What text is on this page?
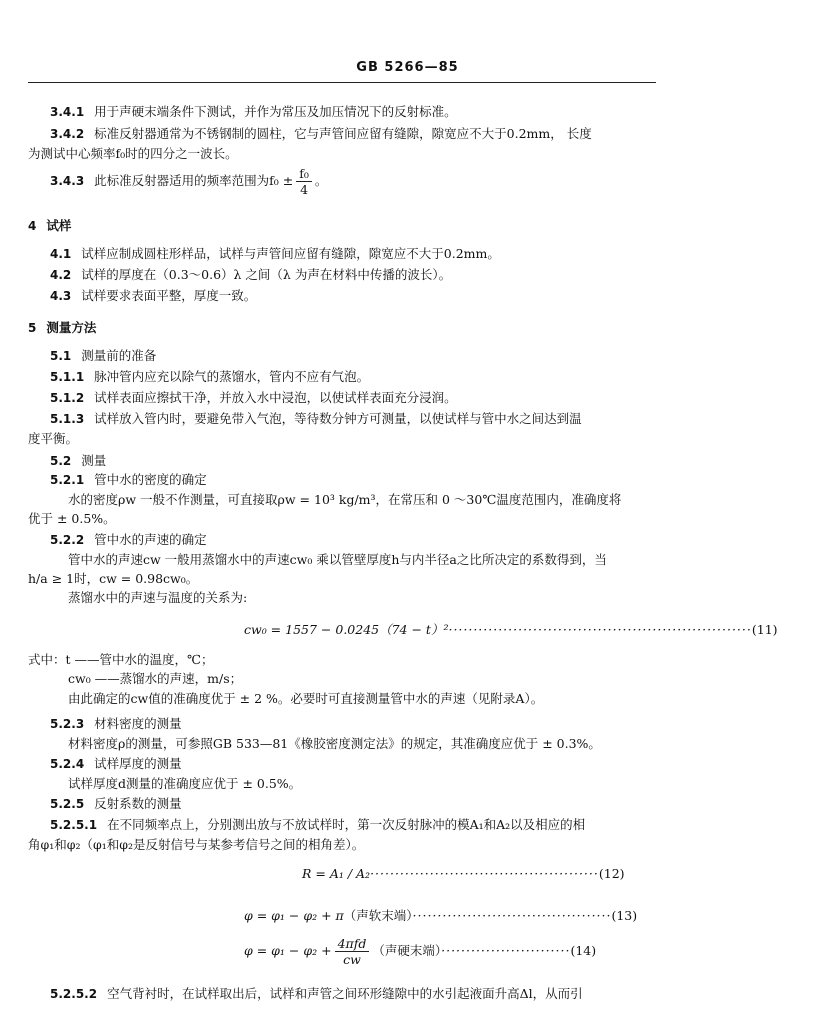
GB 5266—85
3.4.1 用于声硬末端条件下测试，并作为常压及加压情况下的反射标准。
3.4.2 标准反射器通常为不锈钢制的圆柱，它与声管间应留有缝隙，隙宽应不大于0.2mm， 长度
为测试中心频率f₀时的四分之一波长。
3.4.3 此标准反射器适用的频率范围为$f_0 \pm \frac{\text{f₀}}{4}$ 。
4 试样
4.1 试样应制成圆柱形样品，试样与声管间应留有缝隙，隙宽应不大于0.2mm。
4.2 试样的厚度在（0.3～0.6）λ 之间（λ 为声在材料中传播的波长）。
4.3 试样要求表面平整，厚度一致。
5 测量方法
5.1 测量前的准备
5.1.1 脉冲管内应充以除气的蒸馏水，管内不应有气泡。
5.1.2 试样表面应擦拭干净，并放入水中浸泡，以使试样表面充分浸润。
5.1.3 试样放入管内时，要避免带入气泡，等待数分钟方可测量，以使试样与管中水之间达到温
度平衡。
5.2 测量
5.2.1 管中水的密度的确定
水的密度ρw 一般不作测量，可直接取ρw = 10³ kg/m³，在常压和 0 ～30℃温度范围内，准确度将
优于 ± 0.5%。
5.2.2 管中水的声速的确定
管中水的声速cw 一般用蒸馏水中的声速cw₀ 乘以管壁厚度h与内半径a之比所决定的系数得到，当
h/a ≥ 1时，cw = 0.98cw₀。
蒸馏水中的声速与温度的关系为:
cw₀ = 1557 − 0.0245（74 − t）²·····························································(11)
式中：t ——管中水的温度，℃；
cw₀ ——蒸馏水的声速，m/s；
由此确定的cw值的准确度优于 ± 2 %。必要时可直接测量管中水的声速（见附录A）。
5.2.3 材料密度的测量
材料密度ρ的测量，可参照GB 533—81《橡胶密度测定法》的规定，其准确度应优于 ± 0.3%。
5.2.4 试样厚度的测量
试样厚度d测量的准确度应优于 ± 0.5%。
5.2.5 反射系数的测量
5.2.5.1 在不同频率点上，分别测出放与不放试样时，第一次反射脉冲的模A₁和A₂以及相应的相
角φ₁和φ₂（φ₁和φ₂是反射信号与某参考信号之间的相角差）。
R = A₁ / A₂··············································(12)
φ = φ₁ − φ₂ + π（声软末端）········································(13)
$\varphi = \varphi_1 - \varphi_2 + \frac{\text{4πfd}}{cw}$ （声硬末端）··························(14)
5.2.5.2 空气背衬时，在试样取出后，试样和声管之间环形缝隙中的水引起液面升高Δl，从而引
